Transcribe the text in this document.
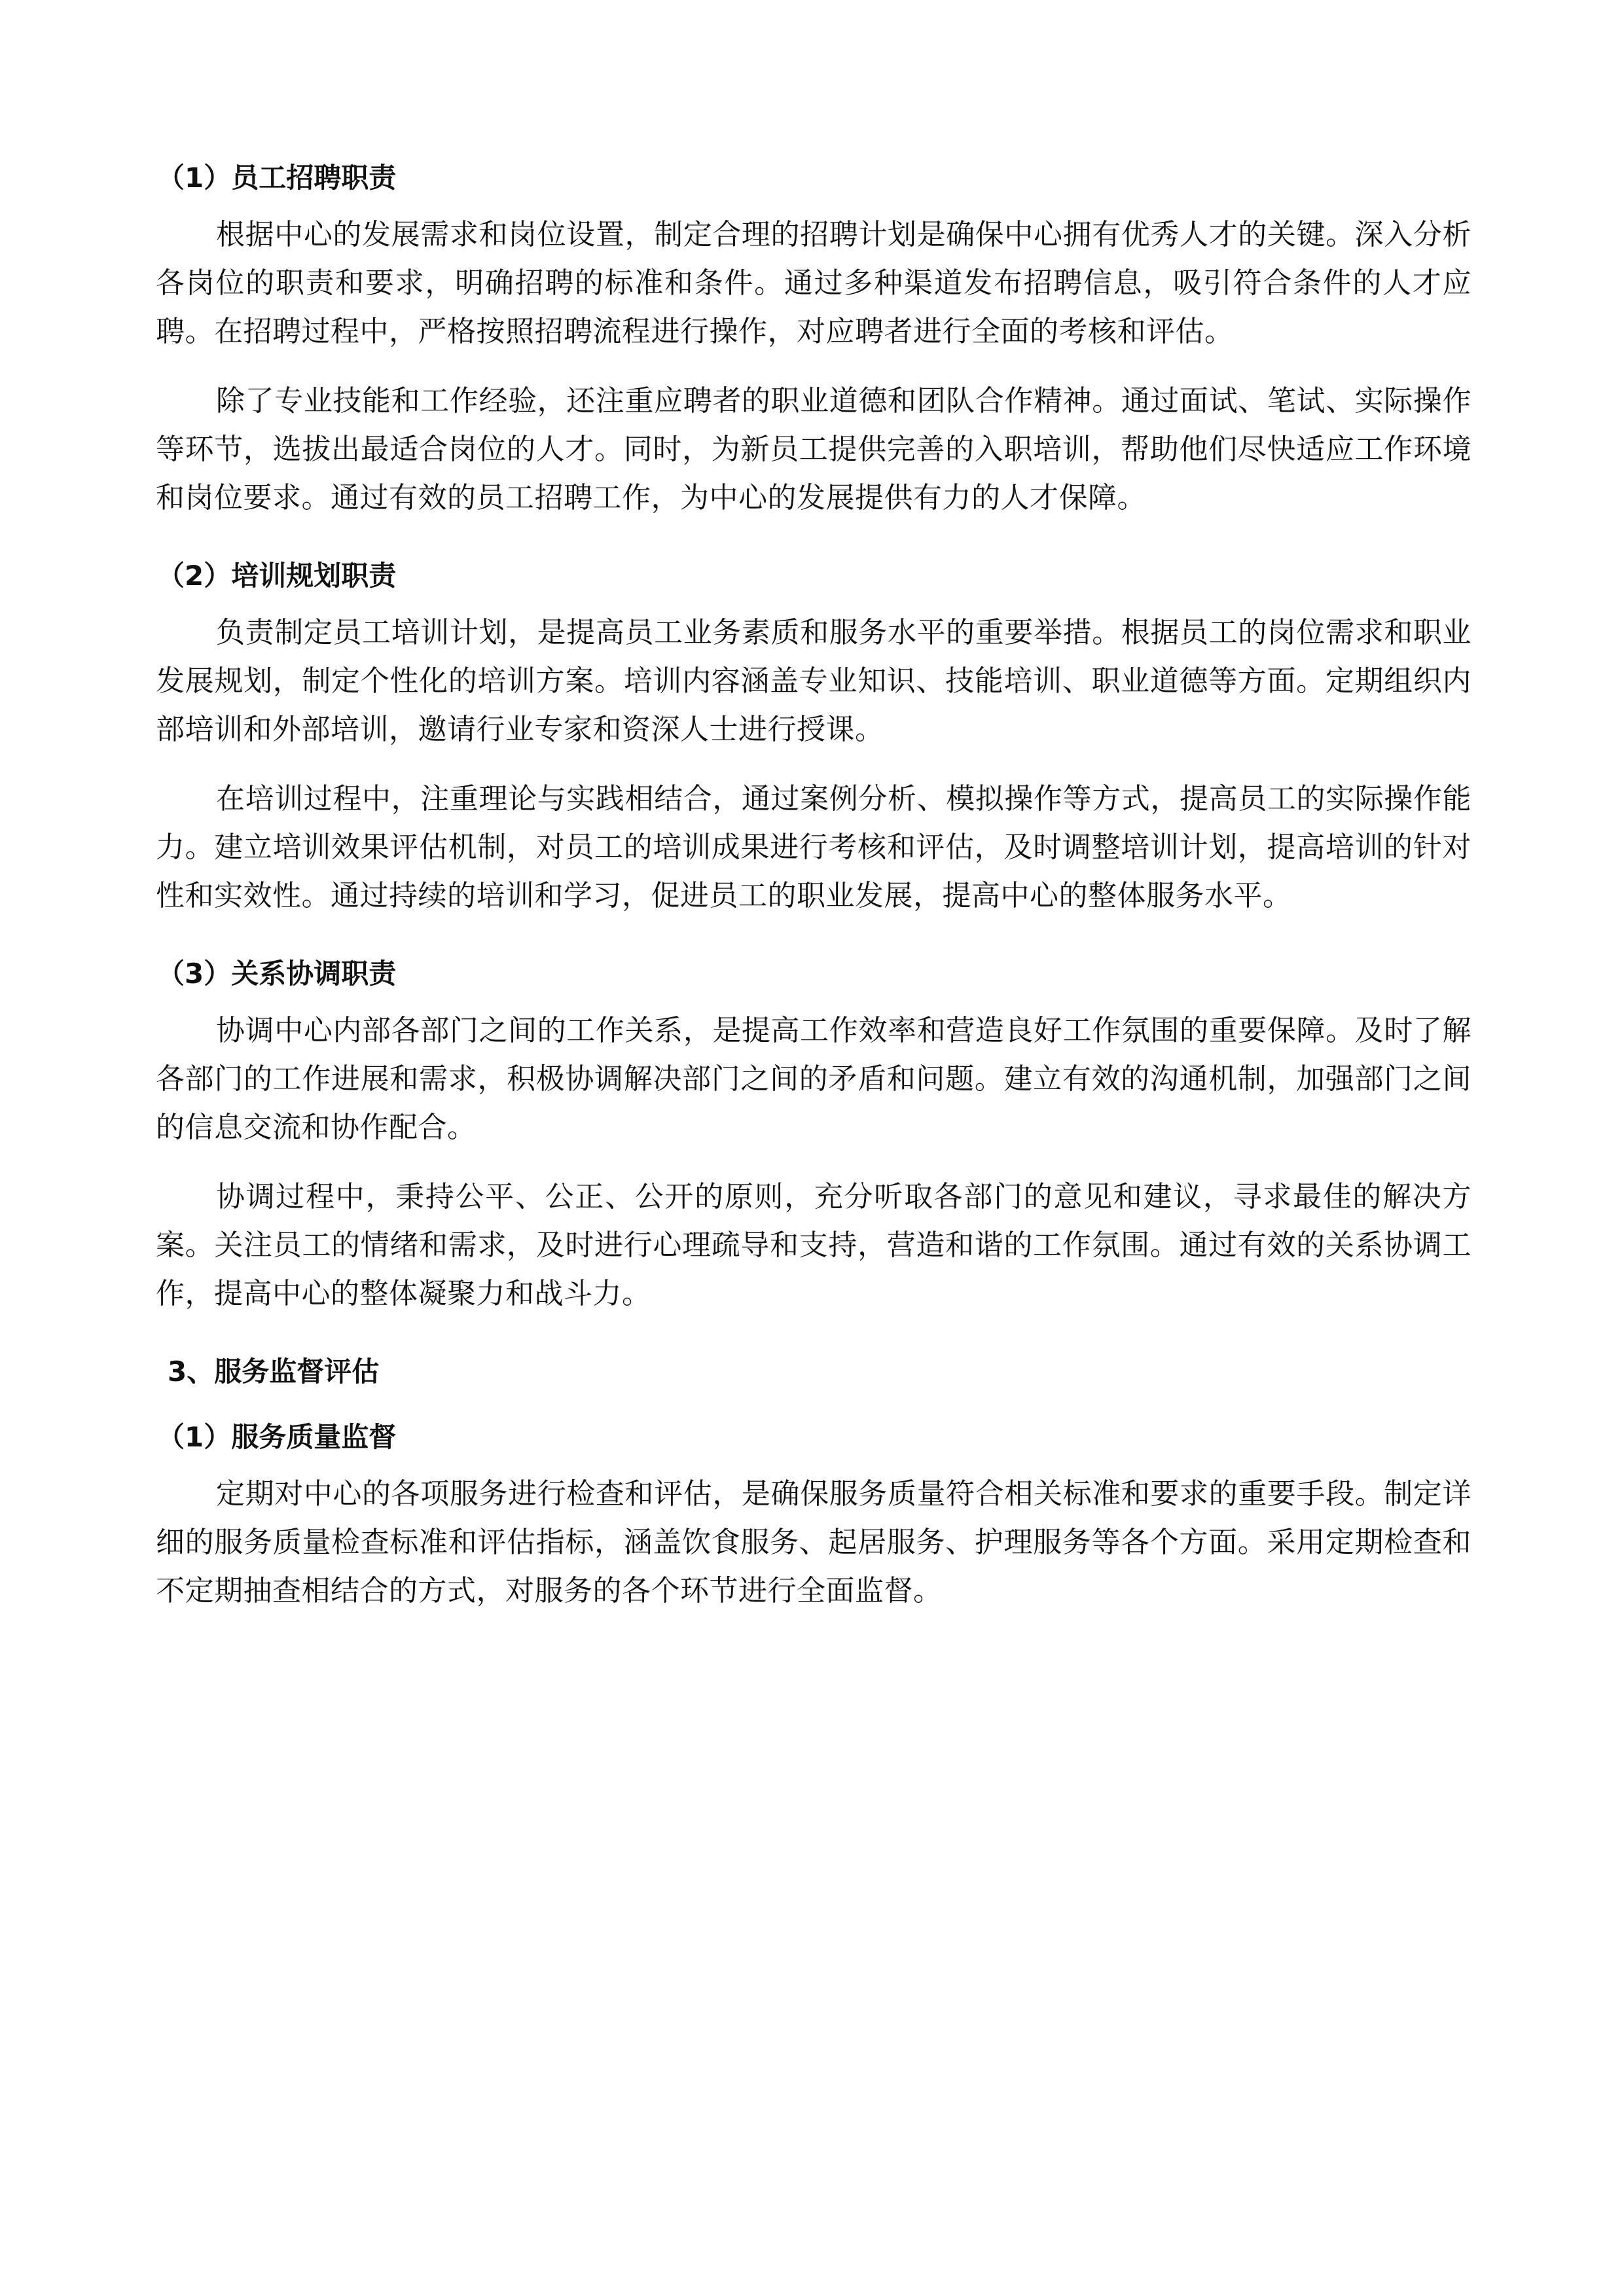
（1）员工招聘职责

根据中心的发展需求和岗位设置，制定合理的招聘计划是确保中心拥有优秀人才的关键。深入分析各岗位的职责和要求，明确招聘的标准和条件。通过多种渠道发布招聘信息，吸引符合条件的人才应聘。在招聘过程中，严格按照招聘流程进行操作，对应聘者进行全面的考核和评估。

除了专业技能和工作经验，还注重应聘者的职业道德和团队合作精神。通过面试、笔试、实际操作等环节，选拔出最适合岗位的人才。同时，为新员工提供完善的入职培训，帮助他们尽快适应工作环境和岗位要求。通过有效的员工招聘工作，为中心的发展提供有力的人才保障。

（2）培训规划职责

负责制定员工培训计划，是提高员工业务素质和服务水平的重要举措。根据员工的岗位需求和职业发展规划，制定个性化的培训方案。培训内容涵盖专业知识、技能培训、职业道德等方面。定期组织内部培训和外部培训，邀请行业专家和资深人士进行授课。

在培训过程中，注重理论与实践相结合，通过案例分析、模拟操作等方式，提高员工的实际操作能力。建立培训效果评估机制，对员工的培训成果进行考核和评估，及时调整培训计划，提高培训的针对性和实效性。通过持续的培训和学习，促进员工的职业发展，提高中心的整体服务水平。

（3）关系协调职责

协调中心内部各部门之间的工作关系，是提高工作效率和营造良好工作氛围的重要保障。及时了解各部门的工作进展和需求，积极协调解决部门之间的矛盾和问题。建立有效的沟通机制，加强部门之间的信息交流和协作配合。

协调过程中，秉持公平、公正、公开的原则，充分听取各部门的意见和建议，寻求最佳的解决方案。关注员工的情绪和需求，及时进行心理疏导和支持，营造和谐的工作氛围。通过有效的关系协调工作，提高中心的整体凝聚力和战斗力。

3、服务监督评估
（1）服务质量监督

定期对中心的各项服务进行检查和评估，是确保服务质量符合相关标准和要求的重要手段。制定详细的服务质量检查标准和评估指标，涵盖饮食服务、起居服务、护理服务等各个方面。采用定期检查和不定期抽查相结合的方式，对服务的各个环节进行全面监督。
